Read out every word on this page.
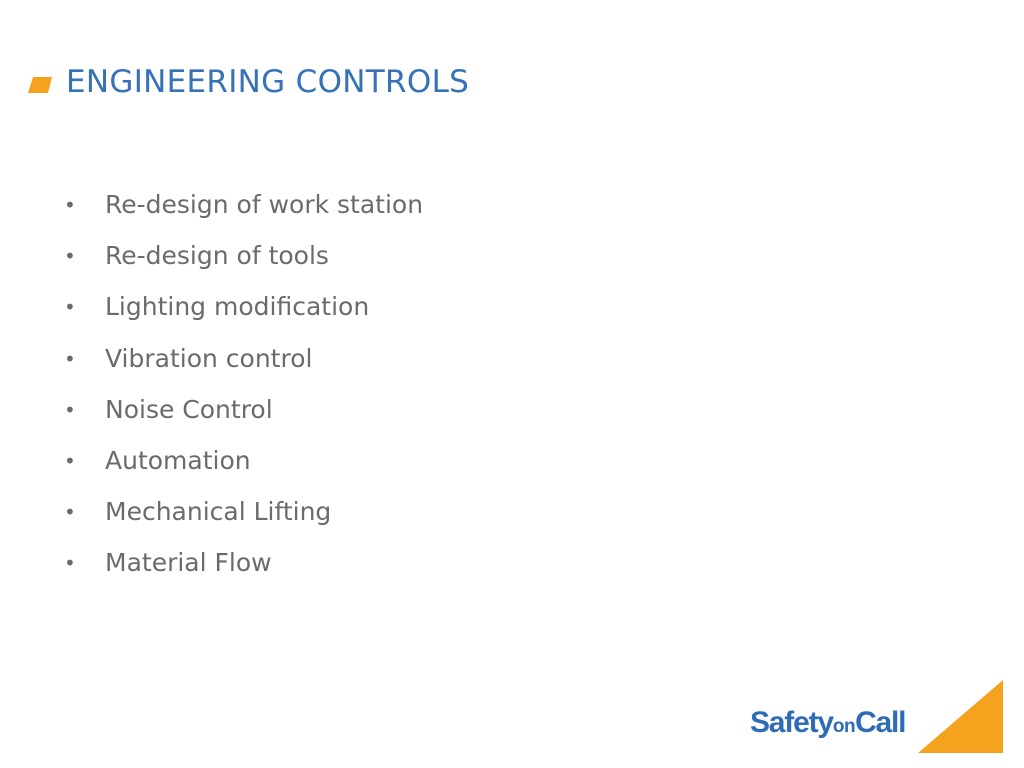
ENGINEERING CONTROLS
• Re-design of work station
• Re-design of tools
• Lighting modification
• Vibration control
• Noise Control
• Automation
• Mechanical Lifting
• Material Flow
SafetyonCall
